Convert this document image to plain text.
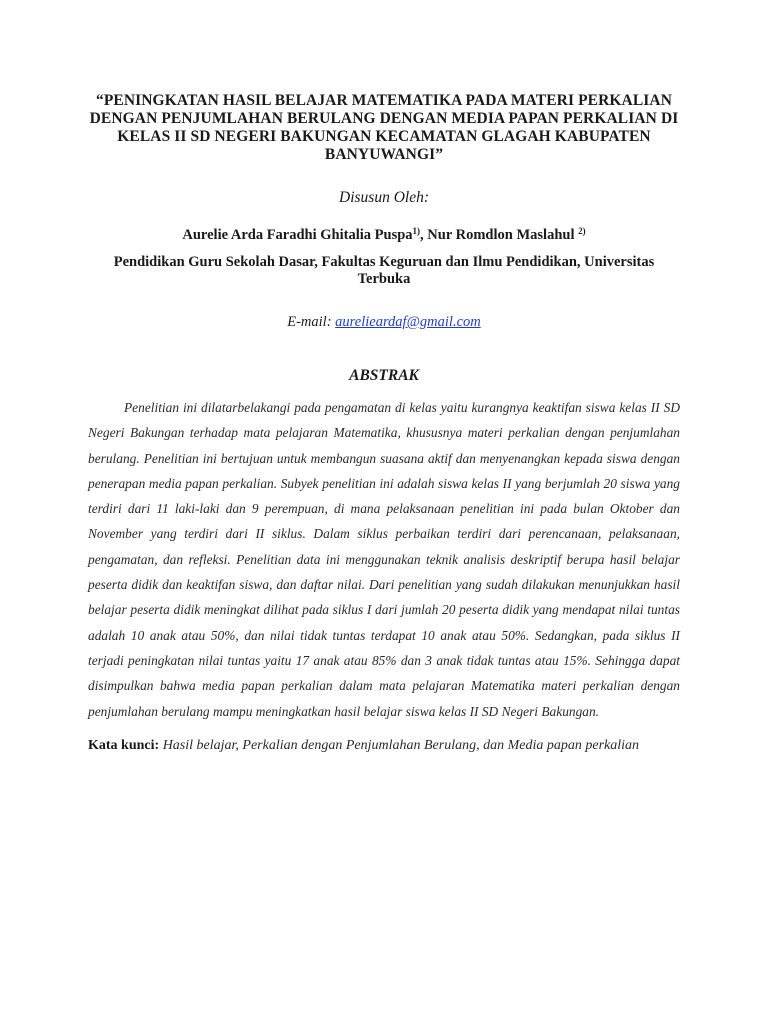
“PENINGKATAN HASIL BELAJAR MATEMATIKA PADA MATERI PERKALIAN DENGAN PENJUMLAHAN BERULANG DENGAN MEDIA PAPAN PERKALIAN DI KELAS II SD NEGERI BAKUNGAN KECAMATAN GLAGAH KABUPATEN BANYUWANGI”
Disusun Oleh:
Aurelie Arda Faradhi Ghitalia Puspa$^{1)}$, Nur Romdlon Maslahul $^{2)}$
Pendidikan Guru Sekolah Dasar, Fakultas Keguruan dan Ilmu Pendidikan, Universitas Terbuka
E-mail: aurelieardaf@gmail.com
ABSTRAK

Penelitian ini dilatarbelakangi pada pengamatan di kelas yaitu kurangnya keaktifan siswa kelas II SD Negeri Bakungan terhadap mata pelajaran Matematika, khususnya materi perkalian dengan penjumlahan berulang. Penelitian ini bertujuan untuk membangun suasana aktif dan menyenangkan kepada siswa dengan penerapan media papan perkalian. Subyek penelitian ini adalah siswa kelas II yang berjumlah 20 siswa yang terdiri dari 11 laki-laki dan 9 perempuan, di mana pelaksanaan penelitian ini pada bulan Oktober dan November yang terdiri dari II siklus. Dalam siklus perbaikan terdiri dari perencanaan, pelaksanaan, pengamatan, dan refleksi. Penelitian data ini menggunakan teknik analisis deskriptif berupa hasil belajar peserta didik dan keaktifan siswa, dan daftar nilai. Dari penelitian yang sudah dilakukan menunjukkan hasil belajar peserta didik meningkat dilihat pada siklus I dari jumlah 20 peserta didik yang mendapat nilai tuntas adalah 10 anak atau 50%, dan nilai tidak tuntas terdapat 10 anak atau 50%. Sedangkan, pada siklus II terjadi peningkatan nilai tuntas yaitu 17 anak atau 85% dan 3 anak tidak tuntas atau 15%. Sehingga dapat disimpulkan bahwa media papan perkalian dalam mata pelajaran Matematika materi perkalian dengan penjumlahan berulang mampu meningkatkan hasil belajar siswa kelas II SD Negeri Bakungan.

Kata kunci: Hasil belajar, Perkalian dengan Penjumlahan Berulang, dan Media papan perkalian
